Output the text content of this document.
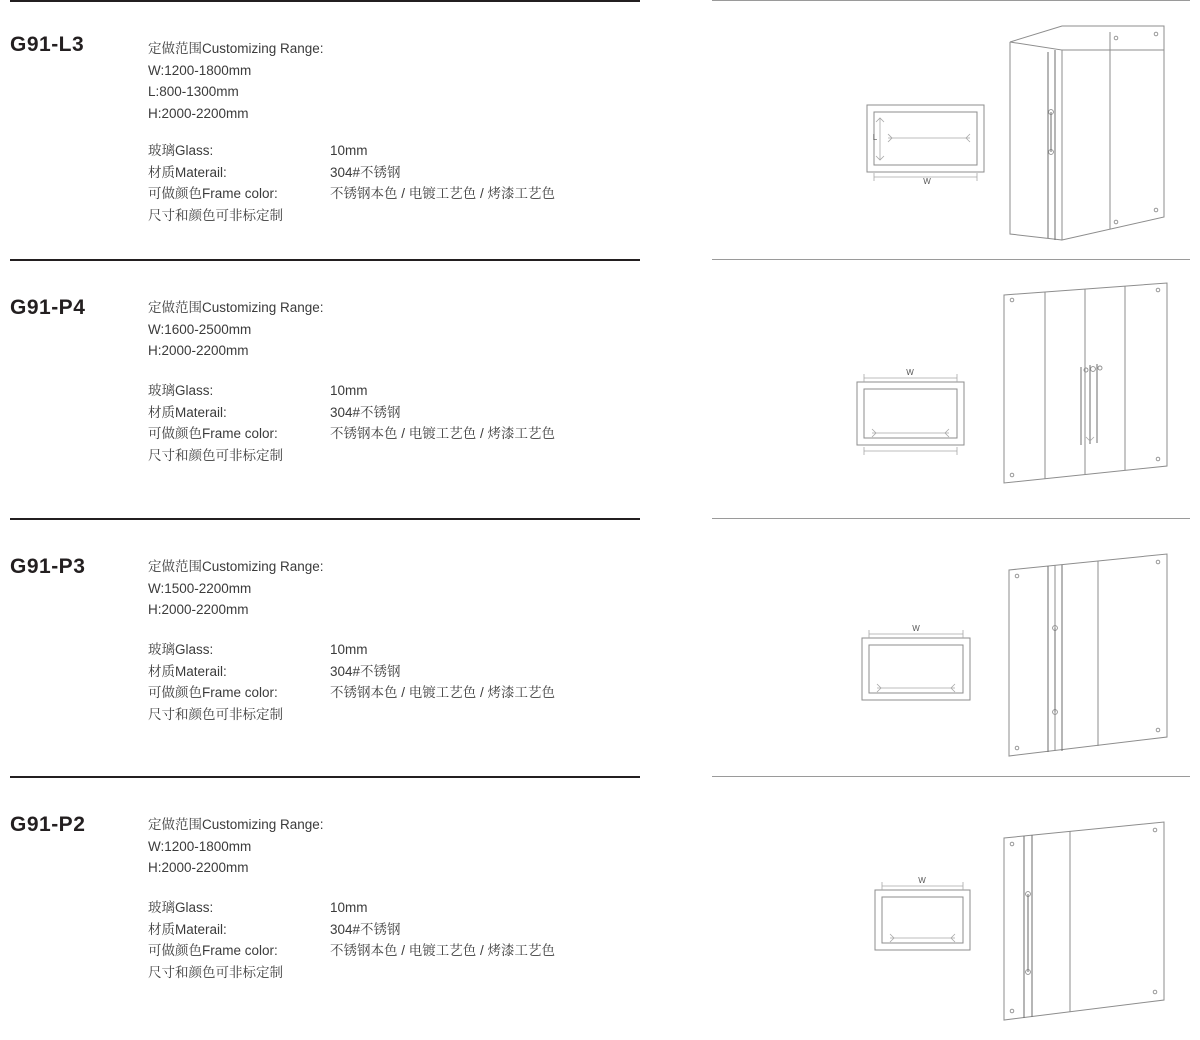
G91-L3	定做范围Customizing Range:
W:1200-1800mm
L:800-1300mm
H:2000-2200mm
玻璃Glass:	10mm
材质Materail:	304#不锈钢
可做颜色Frame color:	不锈钢本色 / 电镀工艺色 / 烤漆工艺色
尺寸和颜色可非标定制
L
W
G91-P4	定做范围Customizing Range:
W:1600-2500mm
H:2000-2200mm
玻璃Glass:	10mm
材质Materail:	304#不锈钢
可做颜色Frame color:	不锈钢本色 / 电镀工艺色 / 烤漆工艺色
尺寸和颜色可非标定制
W
G91-P3	定做范围Customizing Range:
W:1500-2200mm
H:2000-2200mm
玻璃Glass:	10mm
材质Materail:	304#不锈钢
可做颜色Frame color:	不锈钢本色 / 电镀工艺色 / 烤漆工艺色
尺寸和颜色可非标定制
W
G91-P2	定做范围Customizing Range:
W:1200-1800mm
H:2000-2200mm
玻璃Glass:	10mm
材质Materail:	304#不锈钢
可做颜色Frame color:	不锈钢本色 / 电镀工艺色 / 烤漆工艺色
尺寸和颜色可非标定制
W
